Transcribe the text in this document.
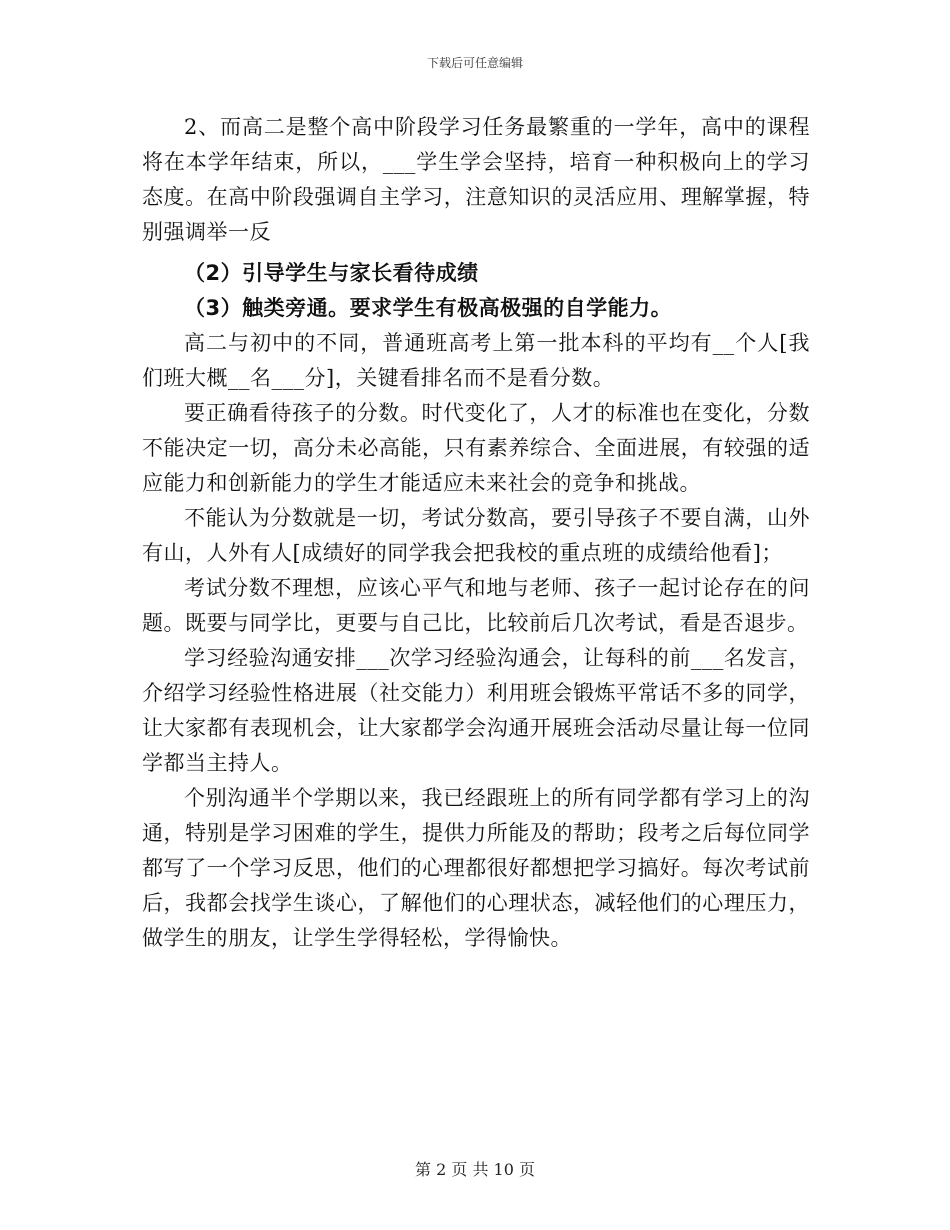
下载后可任意编辑

2、而高二是整个高中阶段学习任务最繁重的一学年，高中的课程将在本学年结束，所以，___学生学会坚持，培育一种积极向上的学习态度。在高中阶段强调自主学习，注意知识的灵活应用、理解掌握，特别强调举一反

（2）引导学生与家长看待成绩

（3）触类旁通。要求学生有极高极强的自学能力。

高二与初中的不同，普通班高考上第一批本科的平均有__个人[我们班大概__名___分]，关键看排名而不是看分数。

要正确看待孩子的分数。时代变化了，人才的标准也在变化，分数不能决定一切，高分未必高能，只有素养综合、全面进展，有较强的适应能力和创新能力的学生才能适应未来社会的竞争和挑战。

不能认为分数就是一切，考试分数高，要引导孩子不要自满，山外有山，人外有人[成绩好的同学我会把我校的重点班的成绩给他看]；

考试分数不理想，应该心平气和地与老师、孩子一起讨论存在的问题。既要与同学比，更要与自己比，比较前后几次考试，看是否退步。

学习经验沟通安排___次学习经验沟通会，让每科的前___名发言，介绍学习经验性格进展（社交能力）利用班会锻炼平常话不多的同学，让大家都有表现机会，让大家都学会沟通开展班会活动尽量让每一位同学都当主持人。

个别沟通半个学期以来，我已经跟班上的所有同学都有学习上的沟通，特别是学习困难的学生，提供力所能及的帮助；段考之后每位同学都写了一个学习反思，他们的心理都很好都想把学习搞好。每次考试前后，我都会找学生谈心，了解他们的心理状态，减轻他们的心理压力，做学生的朋友，让学生学得轻松，学得愉快。

第 2 页 共 10 页
